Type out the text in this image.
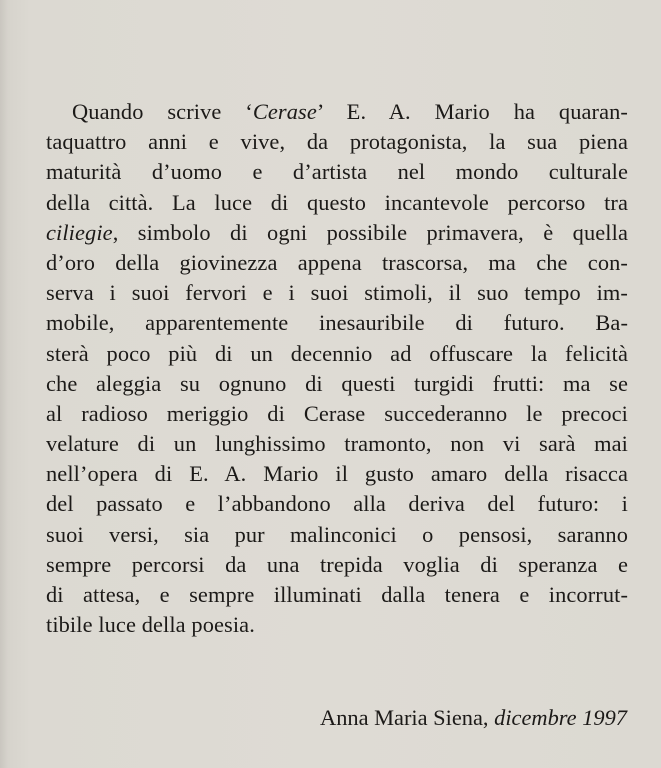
Quando scrive ‘Cerase’ E. A. Mario ha quaran-
taquattro anni e vive, da protagonista, la sua piena
maturità d’uomo e d’artista nel mondo culturale
della città. La luce di questo incantevole percorso tra
ciliegie, simbolo di ogni possibile primavera, è quella
d’oro della giovinezza appena trascorsa, ma che con-
serva i suoi fervori e i suoi stimoli, il suo tempo im-
mobile, apparentemente inesauribile di futuro. Ba-
sterà poco più di un decennio ad offuscare la felicità
che aleggia su ognuno di questi turgidi frutti: ma se
al radioso meriggio di Cerase succederanno le precoci
velature di un lunghissimo tramonto, non vi sarà mai
nell’opera di E. A. Mario il gusto amaro della risacca
del passato e l’abbandono alla deriva del futuro: i
suoi versi, sia pur malinconici o pensosi, saranno
sempre percorsi da una trepida voglia di speranza e
di attesa, e sempre illuminati dalla tenera e incorrut-
tibile luce della poesia.
Anna Maria Siena, dicembre 1997
